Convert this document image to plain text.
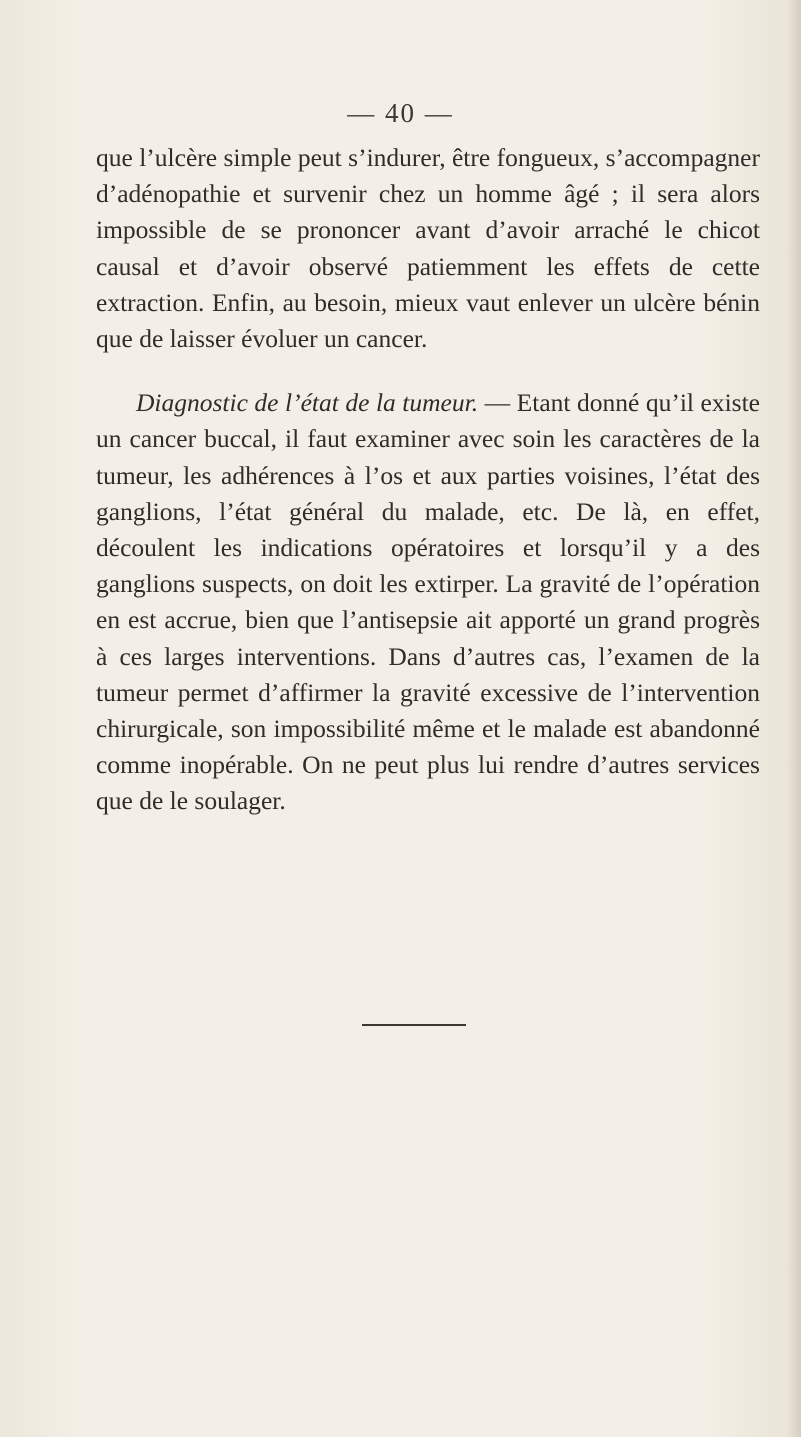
— 40 —

que l’ulcère simple peut s’indurer, être fongueux, s’accompagner d’adénopathie et survenir chez un homme âgé ; il sera alors impossible de se prononcer avant d’avoir arraché le chicot causal et d’avoir observé patiemment les effets de cette extraction. Enfin, au besoin, mieux vaut enlever un ulcère bénin que de laisser évoluer un cancer.

Diagnostic de l’état de la tumeur. — Etant donné qu’il existe un cancer buccal, il faut examiner avec soin les caractères de la tumeur, les adhérences à l’os et aux parties voisines, l’état des ganglions, l’état général du malade, etc. De là, en effet, découlent les indications opératoires et lorsqu’il y a des ganglions suspects, on doit les extirper. La gravité de l’opération en est accrue, bien que l’antisepsie ait apporté un grand progrès à ces larges interventions. Dans d’autres cas, l’examen de la tumeur permet d’affirmer la gravité excessive de l’intervention chirurgicale, son impossibilité même et le malade est abandonné comme inopérable. On ne peut plus lui rendre d’autres services que de le soulager.
